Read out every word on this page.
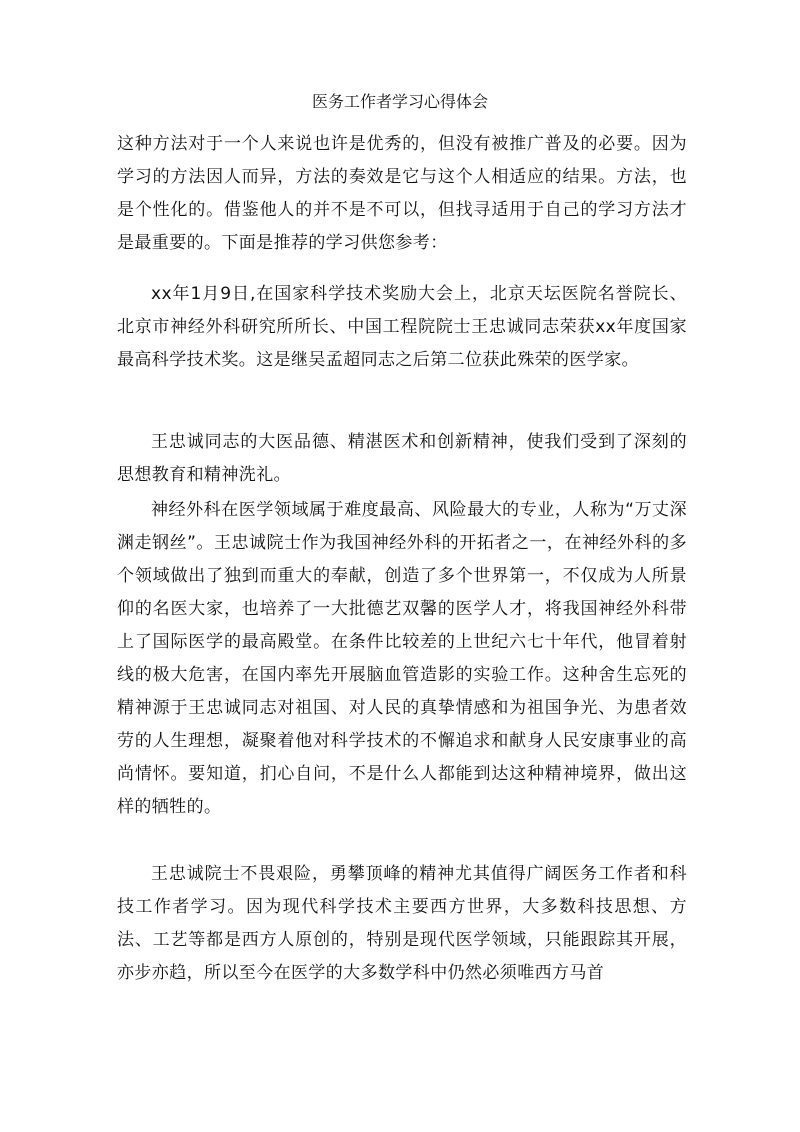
医务工作者学习心得体会

这种方法对于一个人来说也许是优秀的，但没有被推广普及的必要。因为学习的方法因人而异，方法的奏效是它与这个人相适应的结果。方法，也是个性化的。借鉴他人的并不是不可以，但找寻适用于自己的学习方法才是最重要的。下面是推荐的学习供您参考：

xx年1月9日,在国家科学技术奖励大会上，北京天坛医院名誉院长、北京市神经外科研究所所长、中国工程院院士王忠诚同志荣获xx年度国家最高科学技术奖。这是继吴孟超同志之后第二位获此殊荣的医学家。

王忠诚同志的大医品德、精湛医术和创新精神，使我们受到了深刻的思想教育和精神洗礼。

神经外科在医学领域属于难度最高、风险最大的专业，人称为“万丈深渊走钢丝”。王忠诚院士作为我国神经外科的开拓者之一，在神经外科的多个领域做出了独到而重大的奉献，创造了多个世界第一，不仅成为人所景仰的名医大家，也培养了一大批德艺双馨的医学人才，将我国神经外科带上了国际医学的最高殿堂。在条件比较差的上世纪六七十年代，他冒着射线的极大危害，在国内率先开展脑血管造影的实验工作。这种舍生忘死的精神源于王忠诚同志对祖国、对人民的真挚情感和为祖国争光、为患者效劳的人生理想，凝聚着他对科学技术的不懈追求和献身人民安康事业的高尚情怀。要知道，扪心自问，不是什么人都能到达这种精神境界，做出这样的牺牲的。

王忠诚院士不畏艰险，勇攀顶峰的精神尤其值得广阔医务工作者和科技工作者学习。因为现代科学技术主要西方世界，大多数科技思想、方法、工艺等都是西方人原创的，特别是现代医学领域，只能跟踪其开展，亦步亦趋，所以至今在医学的大多数学科中仍然必须唯西方马首
